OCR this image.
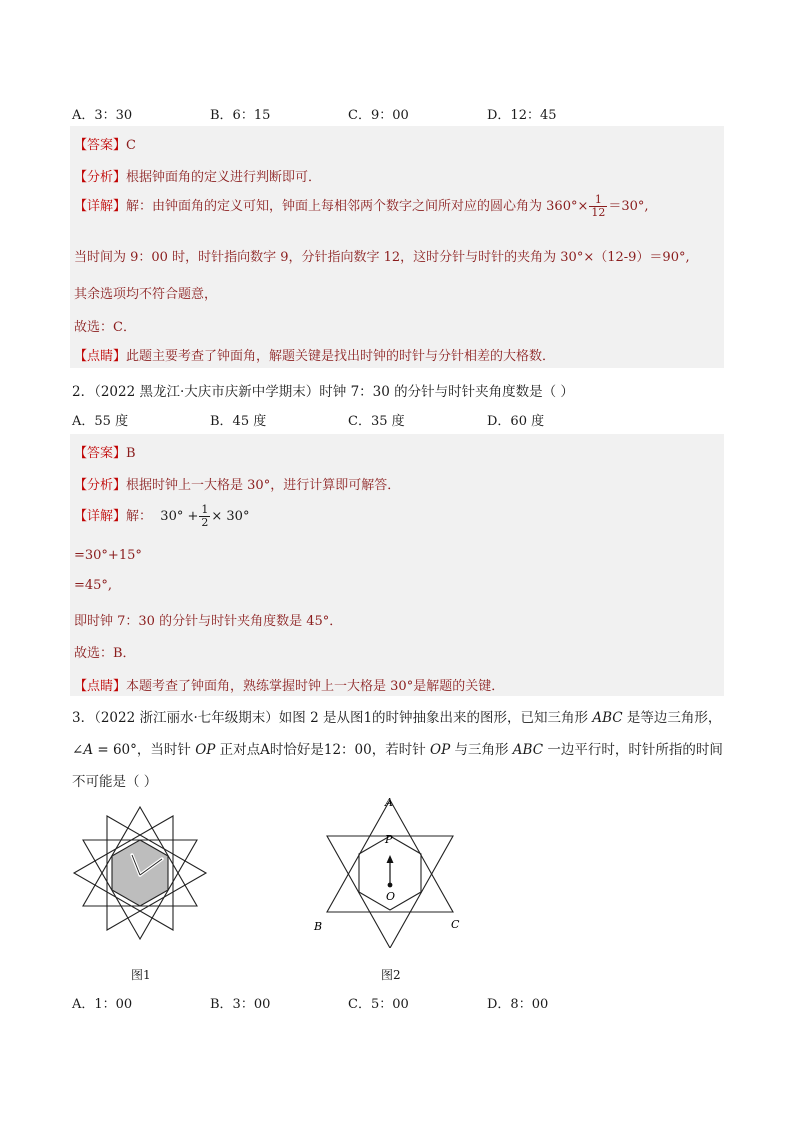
A．3：30	B．6：15	C．9：00	D．12：45
【答案】C
【分析】根据钟面角的定义进行判断即可．
【详解】解：由钟面角的定义可知，钟面上每相邻两个数字之间所对应的圆心角为 $360^\circ\times \frac{1}{12} =30^\circ$,
当时间为 9：00 时，时针指向数字 9，分针指向数字 12，这时分针与时针的夹角为 30°×（12-9）＝90°,
其余选项均不符合题意，
故选：C．
【点睛】此题主要考查了钟面角，解题关键是找出时钟的时针与分针相差的大格数．
2．（2022 黑龙江·大庆市庆新中学期末）时钟 7：30 的分针与时针夹角度数是（ ）
A．55 度	B．45 度	C．35 度	D．60 度
【答案】B
【分析】根据时钟上一大格是 30°，进行计算即可解答．
【详解】解： $30^\circ + \frac{1}{2} \times 30^\circ$
=30°+15°
=45°,
即时钟 7：30 的分针与时针夹角度数是 45°．
故选：B．
【点睛】本题考查了钟面角，熟练掌握时钟上一大格是 30°是解题的关键．
3．（2022 浙江丽水·七年级期末）如图 2 是从图1的时钟抽象出来的图形，已知三角形 ABC 是等边三角形，
∠A = 60°，当时针 OP 正对点A时恰好是12：00，若时针 OP 与三角形 ABC 一边平行时，时针所指的时间
不可能是（ ）
图1
A
P
O
B	C
图2
A．1：00	B．3：00	C．5：00	D．8：00
